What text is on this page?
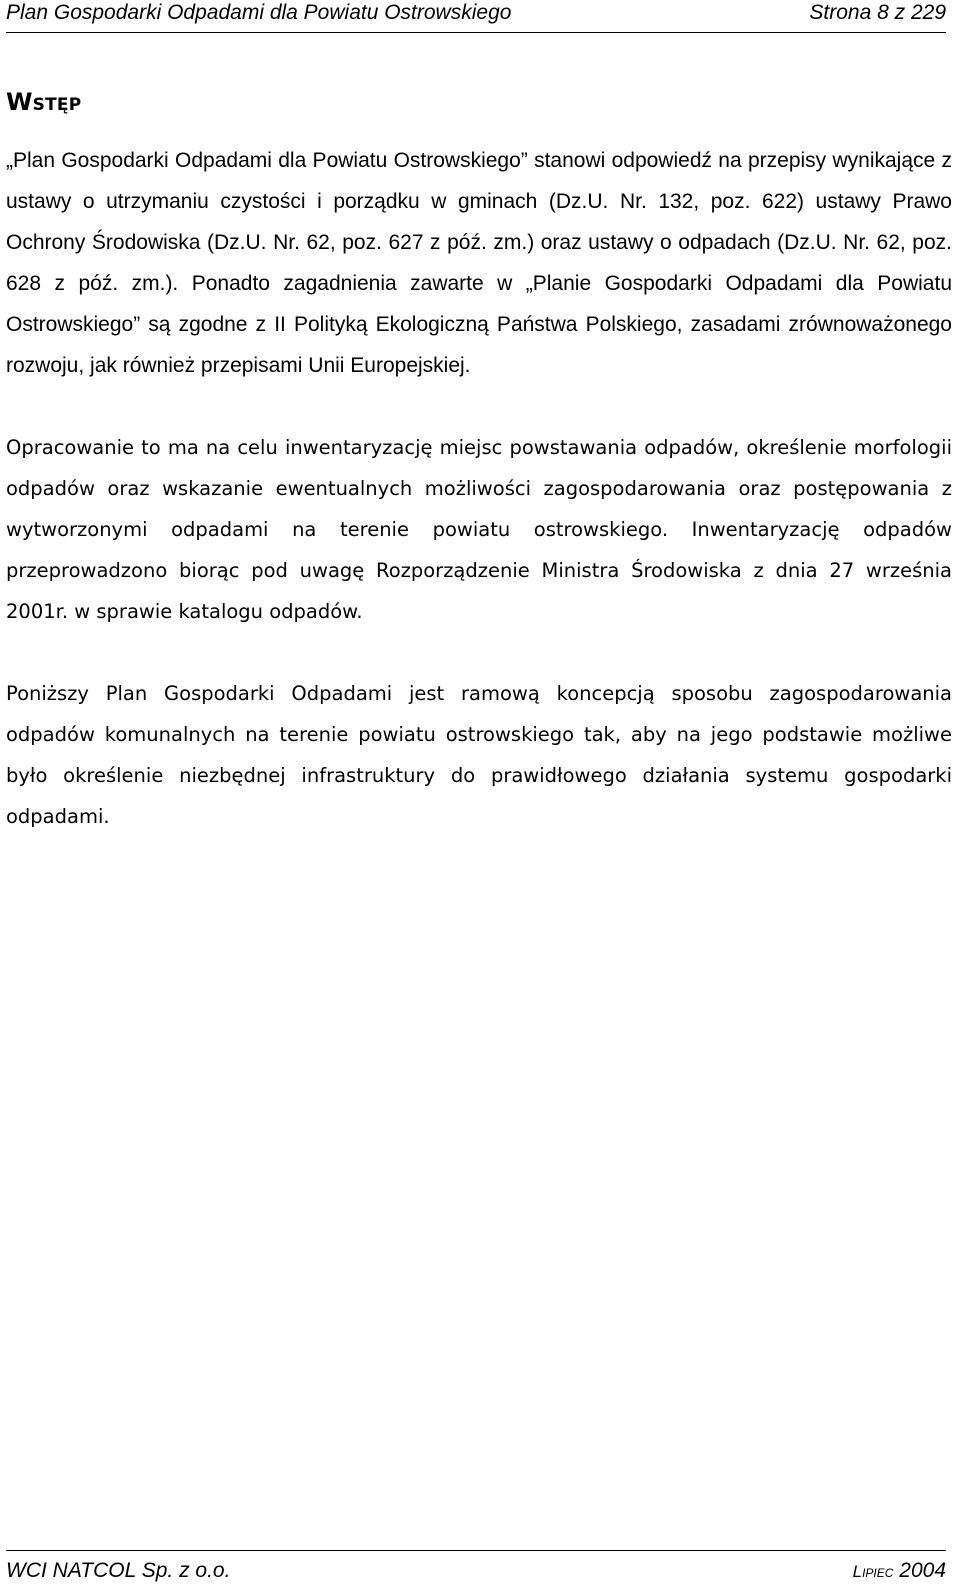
Plan Gospodarki Odpadami dla Powiatu Ostrowskiego	Strona 8 z 229
Wstęp

„Plan Gospodarki Odpadami dla Powiatu Ostrowskiego” stanowi odpowiedź na przepisy wynikające z ustawy o utrzymaniu czystości i porządku w gminach (Dz.U. Nr. 132, poz. 622) ustawy Prawo Ochrony Środowiska (Dz.U. Nr. 62, poz. 627 z póź. zm.) oraz ustawy o odpadach (Dz.U. Nr. 62, poz. 628 z póź. zm.). Ponadto zagadnienia zawarte w „Planie Gospodarki Odpadami dla Powiatu Ostrowskiego” są zgodne z II Polityką Ekologiczną Państwa Polskiego, zasadami zrównoważonego rozwoju, jak również przepisami Unii Europejskiej.

Opracowanie to ma na celu inwentaryzację miejsc powstawania odpadów, określenie morfologii odpadów oraz wskazanie ewentualnych możliwości zagospodarowania oraz postępowania z wytworzonymi odpadami na terenie powiatu ostrowskiego. Inwentaryzację odpadów przeprowadzono biorąc pod uwagę Rozporządzenie Ministra Środowiska z dnia 27 września 2001r. w sprawie katalogu odpadów.

Poniższy Plan Gospodarki Odpadami jest ramową koncepcją sposobu zagospodarowania odpadów komunalnych na terenie powiatu ostrowskiego tak, aby na jego podstawie możliwe było określenie niezbędnej infrastruktury do prawidłowego działania systemu gospodarki odpadami.

WCI NATCOL Sp. z o.o.	Lipiec 2004
